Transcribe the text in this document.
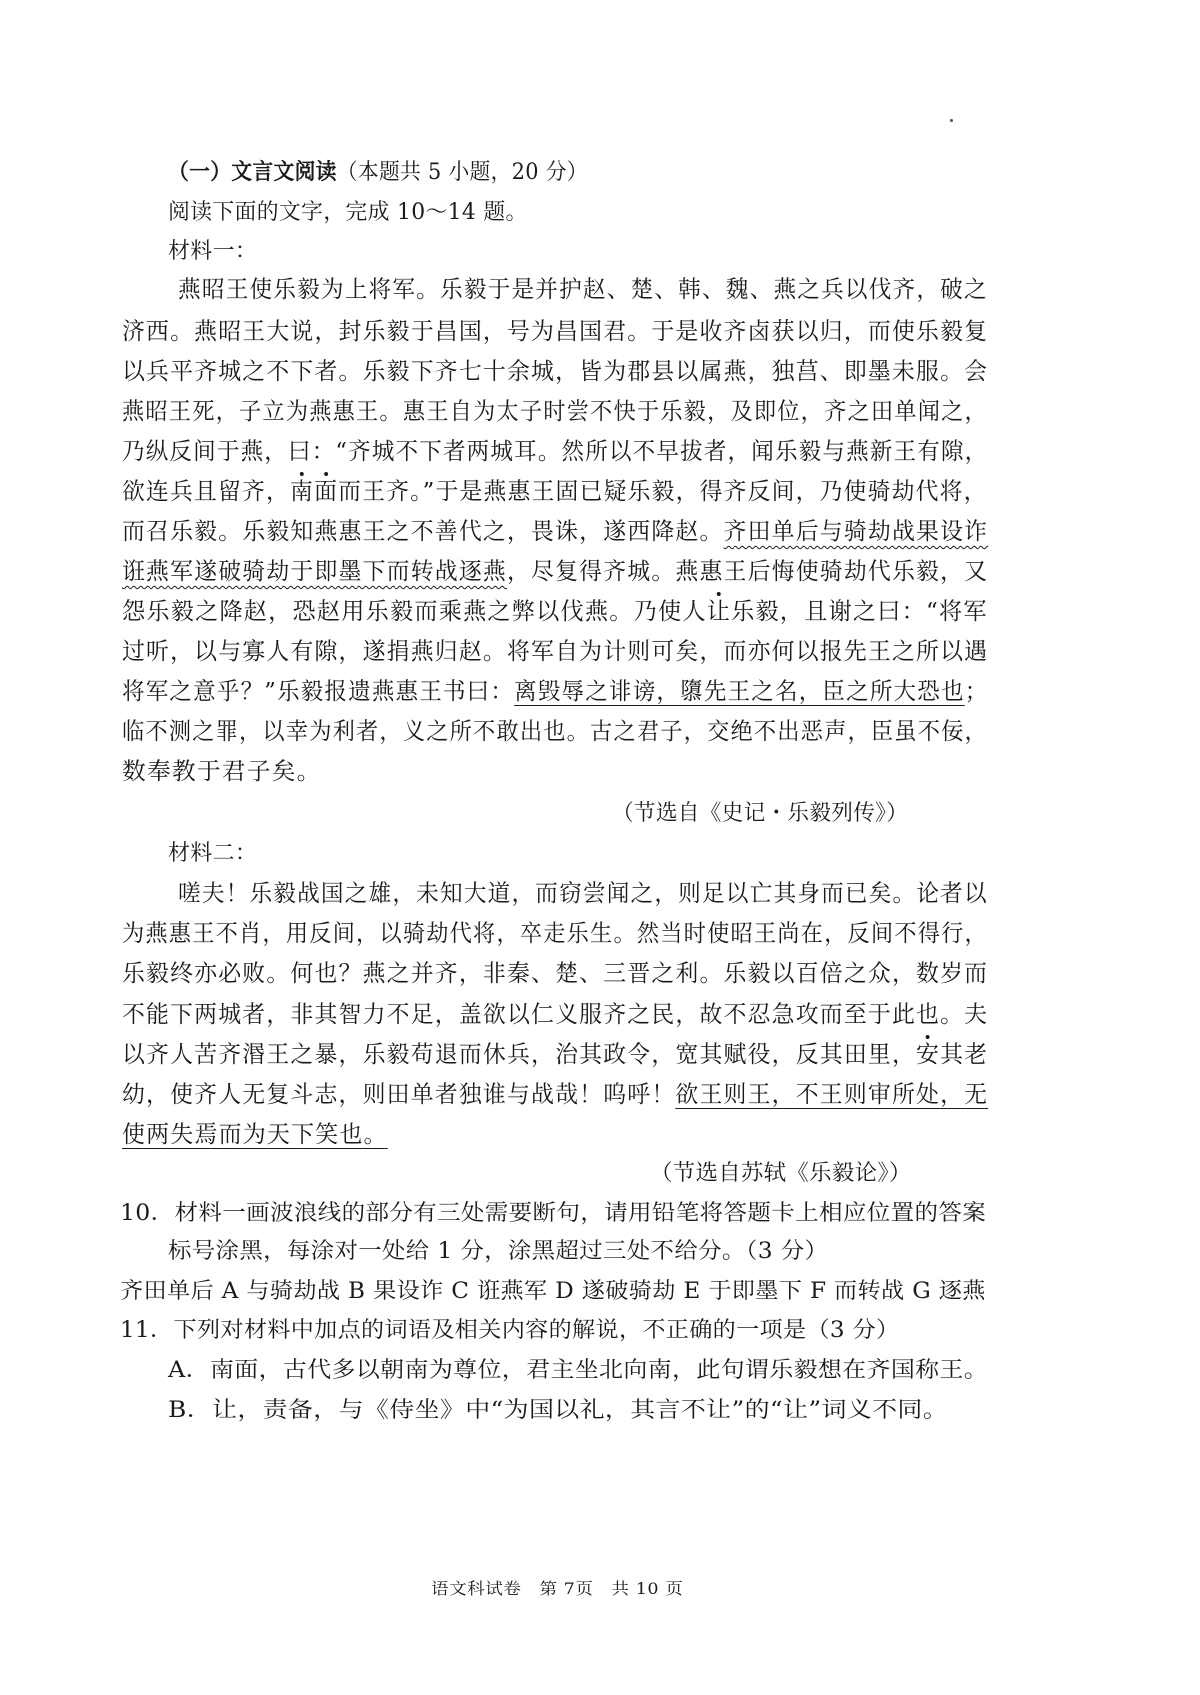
（一）文言文阅读（本题共 5 小题，20 分）
阅读下面的文字，完成 10～14 题。
材料一：
燕昭王使乐毅为上将军。乐毅于是并护赵、楚、韩、魏、燕之兵以伐齐，破之
济西。燕昭王大说，封乐毅于昌国，号为昌国君。于是收齐卤获以归，而使乐毅复
以兵平齐城之不下者。乐毅下齐七十余城，皆为郡县以属燕，独莒、即墨未服。会
燕昭王死，子立为燕惠王。惠王自为太子时尝不快于乐毅，及即位，齐之田单闻之，
乃纵反间于燕，曰：“齐城不下者两城耳。然所以不早拔者，闻乐毅与燕新王有隙，
欲连兵且留齐，南面而王齐。”于是燕惠王固已疑乐毅，得齐反间，乃使骑劫代将，
而召乐毅。乐毅知燕惠王之不善代之，畏诛，遂西降赵。齐田单后与骑劫战果设诈
诳燕军遂破骑劫于即墨下而转战逐燕，尽复得齐城。燕惠王后悔使骑劫代乐毅，又
怨乐毅之降赵，恐赵用乐毅而乘燕之弊以伐燕。乃使人让乐毅，且谢之曰：“将军
过听，以与寡人有隙，遂捐燕归赵。将军自为计则可矣，而亦何以报先王之所以遇
将军之意乎？”乐毅报遗燕惠王书曰：离毁辱之诽谤，隳先王之名，臣之所大恐也；
临不测之罪，以幸为利者，义之所不敢出也。古之君子，交绝不出恶声，臣虽不佞，
数奉教于君子矣。
（节选自《史记・乐毅列传》）
材料二：
嗟夫！乐毅战国之雄，未知大道，而窃尝闻之，则足以亡其身而已矣。论者以
为燕惠王不肖，用反间，以骑劫代将，卒走乐生。然当时使昭王尚在，反间不得行，
乐毅终亦必败。何也？燕之并齐，非秦、楚、三晋之利。乐毅以百倍之众，数岁而
不能下两城者，非其智力不足，盖欲以仁义服齐之民，故不忍急攻而至于此也。夫
以齐人苦齐湣王之暴，乐毅苟退而休兵，治其政令，宽其赋役，反其田里，安其老
幼，使齐人无复斗志，则田单者独谁与战哉！呜呼！欲王则王，不王则审所处，无
使两失焉而为天下笑也。
（节选自苏轼《乐毅论》）
10．材料一画波浪线的部分有三处需要断句，请用铅笔将答题卡上相应位置的答案
标号涂黑，每涂对一处给 1 分，涂黑超过三处不给分。（3 分）
齐田单后 A 与骑劫战 B 果设诈 C 诳燕军 D 遂破骑劫 E 于即墨下 F 而转战 G 逐燕
11．下列对材料中加点的词语及相关内容的解说，不正确的一项是（3 分）
A．南面，古代多以朝南为尊位，君主坐北向南，此句谓乐毅想在齐国称王。
B．让，责备，与《侍坐》中“为国以礼，其言不让”的“让”词义不同。
语文科试卷　第 7页　共 10 页
